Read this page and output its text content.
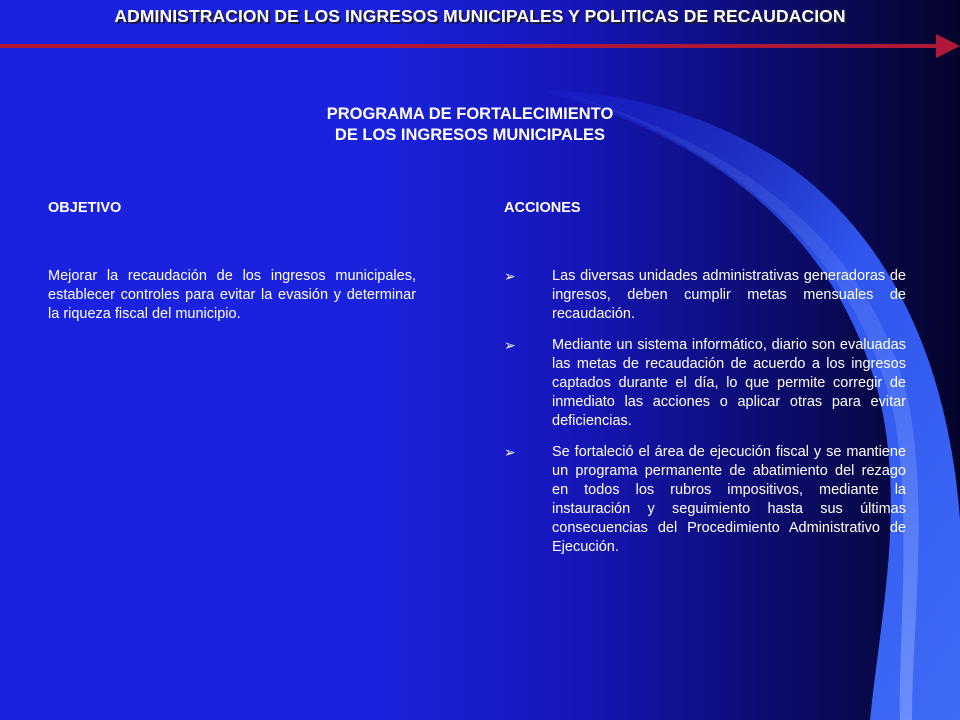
ADMINISTRACION DE LOS INGRESOS MUNICIPALES Y POLITICAS DE RECAUDACION
PROGRAMA DE FORTALECIMIENTO
DE LOS INGRESOS MUNICIPALES
OBJETIVO	ACCIONES

Mejorar la recaudación de los ingresos municipales, establecer controles para evitar la evasión y determinar la riqueza fiscal del municipio.

➢	Las diversas unidades administrativas generadoras de ingresos, deben cumplir metas mensuales de recaudación.
➢	Mediante un sistema informático, diario son evaluadas las metas de recaudación de acuerdo a los ingresos captados durante el día, lo que permite corregir de inmediato las acciones o aplicar otras para evitar deficiencias.
➢	Se fortaleció el área de ejecución fiscal y se mantiene un programa permanente de abatimiento del rezago en todos los rubros impositivos, mediante la instauración y seguimiento hasta sus últimas consecuencias del Procedimiento Administrativo de Ejecución.
